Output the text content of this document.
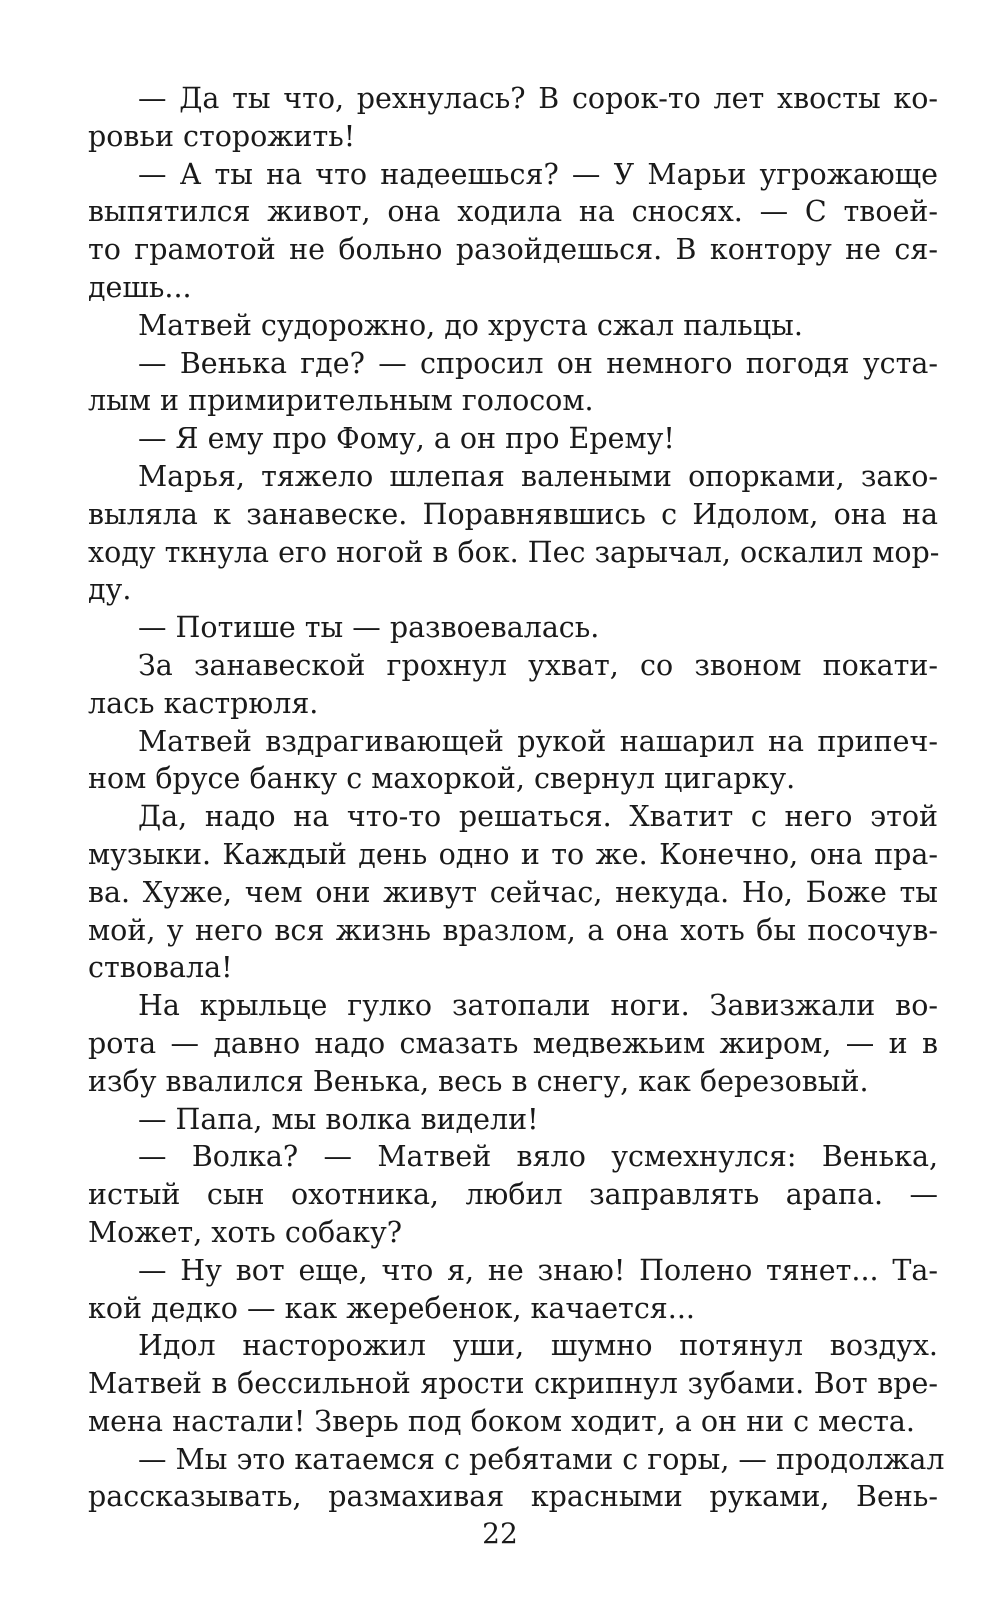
— Да ты что, рехнулась? В сорок-то лет хвосты ко-
ровьи сторожить!
— А ты на что надеешься? — У Марьи угрожающе
выпятился живот, она ходила на сносях. — С твоей-
то грамотой не больно разойдешься. В контору не ся-
дешь...
Матвей судорожно, до хруста сжал пальцы.
— Венька где? — спросил он немного погодя уста-
лым и примирительным голосом.
— Я ему про Фому, а он про Ерему!
Марья, тяжело шлепая валеными опорками, зако-
выляла к занавеске. Поравнявшись с Идолом, она на
ходу ткнула его ногой в бок. Пес зарычал, оскалил мор-
ду.
— Потише ты — развоевалась.
За занавеской грохнул ухват, со звоном покати-
лась кастрюля.
Матвей вздрагивающей рукой нашарил на припеч-
ном брусе банку с махоркой, свернул цигарку.
Да, надо на что-то решаться. Хватит с него этой
музыки. Каждый день одно и то же. Конечно, она пра-
ва. Хуже, чем они живут сейчас, некуда. Но, Боже ты
мой, у него вся жизнь вразлом, а она хоть бы посочув-
ствовала!
На крыльце гулко затопали ноги. Завизжали во-
рота — давно надо смазать медвежьим жиром, — и в
избу ввалился Венька, весь в снегу, как березовый.
— Папа, мы волка видели!
— Волка? — Матвей вяло усмехнулся: Венька,
истый сын охотника, любил заправлять арапа. —
Может, хоть собаку?
— Ну вот еще, что я, не знаю! Полено тянет... Та-
кой дедко — как жеребенок, качается...
Идол насторожил уши, шумно потянул воздух.
Матвей в бессильной ярости скрипнул зубами. Вот вре-
мена настали! Зверь под боком ходит, а он ни с места.
— Мы это катаемся с ребятами с горы, — продолжал
рассказывать, размахивая красными руками, Вень-
22
